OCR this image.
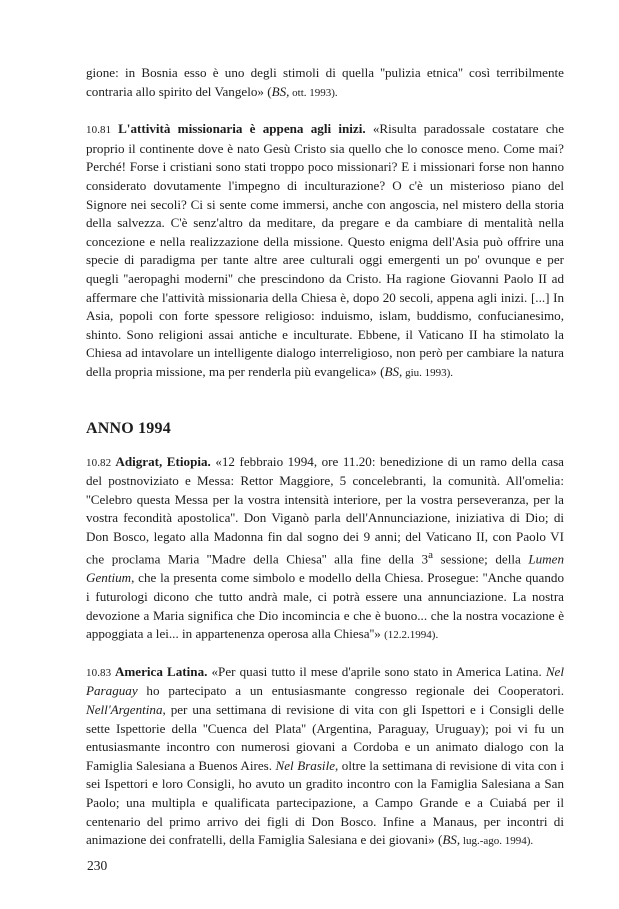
gione: in Bosnia esso è uno degli stimoli di quella ''pulizia etnica'' così terribilmente contraria allo spirito del Vangelo» (BS, ott. 1993).

10.81 L'attività missionaria è appena agli inizi. «Risulta paradossale costatare che proprio il continente dove è nato Gesù Cristo sia quello che lo conosce meno. Come mai? Perché! Forse i cristiani sono stati troppo poco missionari? E i missionari forse non hanno considerato dovutamente l'impegno di inculturazione? O c'è un misterioso piano del Signore nei secoli? Ci si sente come immersi, anche con angoscia, nel mistero della storia della salvezza. C'è senz'altro da meditare, da pregare e da cambiare di mentalità nella concezione e nella realizzazione della missione. Questo enigma dell'Asia può offrire una specie di paradigma per tante altre aree culturali oggi emergenti un po' ovunque e per quegli ''aeropaghi moderni'' che prescindono da Cristo. Ha ragione Giovanni Paolo II ad affermare che l'attività missionaria della Chiesa è, dopo 20 secoli, appena agli inizi. [...] In Asia, popoli con forte spessore religioso: induismo, islam, buddismo, confucianesimo, shinto. Sono religioni assai antiche e inculturate. Ebbene, il Vaticano II ha stimolato la Chiesa ad intavolare un intelligente dialogo interreligioso, non però per cambiare la natura della propria missione, ma per renderla più evangelica» (BS, giu. 1993).

ANNO 1994

10.82 Adigrat, Etiopia. «12 febbraio 1994, ore 11.20: benedizione di un ramo della casa del postnoviziato e Messa: Rettor Maggiore, 5 concelebranti, la comunità. All'omelia: ''Celebro questa Messa per la vostra intensità interiore, per la vostra perseveranza, per la vostra fecondità apostolica''. Don Viganò parla dell'Annunciazione, iniziativa di Dio; di Don Bosco, legato alla Madonna fin dal sogno dei 9 anni; del Vaticano II, con Paolo VI che proclama Maria ''Madre della Chiesa'' alla fine della 3$^a$ sessione; della Lumen Gentium, che la presenta come simbolo e modello della Chiesa. Prosegue: ''Anche quando i futurologi dicono che tutto andrà male, ci potrà essere una annunciazione. La nostra devozione a Maria significa che Dio incomincia e che è buono... che la nostra vocazione è appoggiata a lei... in appartenenza operosa alla Chiesa''» (12.2.1994).

10.83 America Latina. «Per quasi tutto il mese d'aprile sono stato in America Latina. Nel Paraguay ho partecipato a un entusiasmante congresso regionale dei Cooperatori. Nell'Argentina, per una settimana di revisione di vita con gli Ispettori e i Consigli delle sette Ispettorie della ''Cuenca del Plata'' (Argentina, Paraguay, Uruguay); poi vi fu un entusiasmante incontro con numerosi giovani a Cordoba e un animato dialogo con la Famiglia Salesiana a Buenos Aires. Nel Brasile, oltre la settimana di revisione di vita con i sei Ispettori e loro Consigli, ho avuto un gradito incontro con la Famiglia Salesiana a San Paolo; una multipla e qualificata partecipazione, a Campo Grande e a Cuiabá per il centenario del primo arrivo dei figli di Don Bosco. Infine a Manaus, per incontri di animazione dei confratelli, della Famiglia Salesiana e dei giovani» (BS, lug.-ago. 1994).

230
